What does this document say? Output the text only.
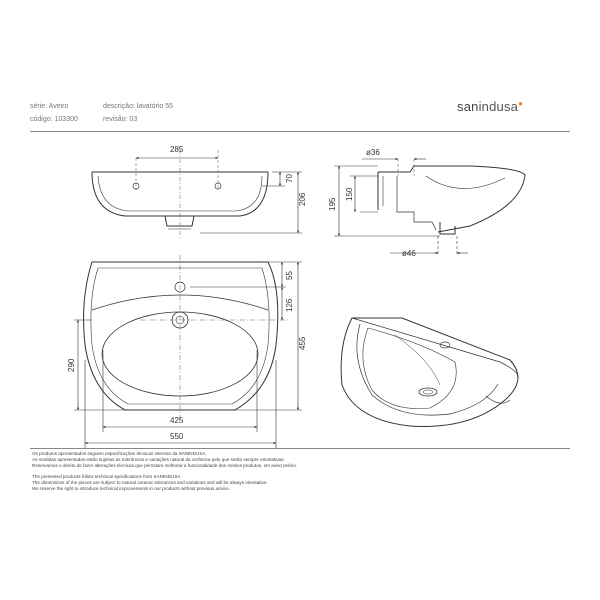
série: Aveiro	descrição: lavatório 55
código: 103300	revisão: 03
sanindusa●
285
70
206
ø36
195
150
ø46
55
126
455
290
425
550
Os produtos apresentados seguem especificações técnicas internas da SANINDUSA.
As medidas apresentadas estão sujeitas às tolerâncias e variações natural da cerâmica pelo que serão sempre orientativas.
Reservamos o direito de fazer alterações técnicas que permitam melhorar a funcionalidade dos nossos produtos, em aviso prévio.
The presented products follow technical specifications from SANINDUSA.
The dimensions of the pieces are subject to natural ceramic tolerances and variations and will be always orientative.
We reserve the right to introduce technical improvements in our products without previous advice.
